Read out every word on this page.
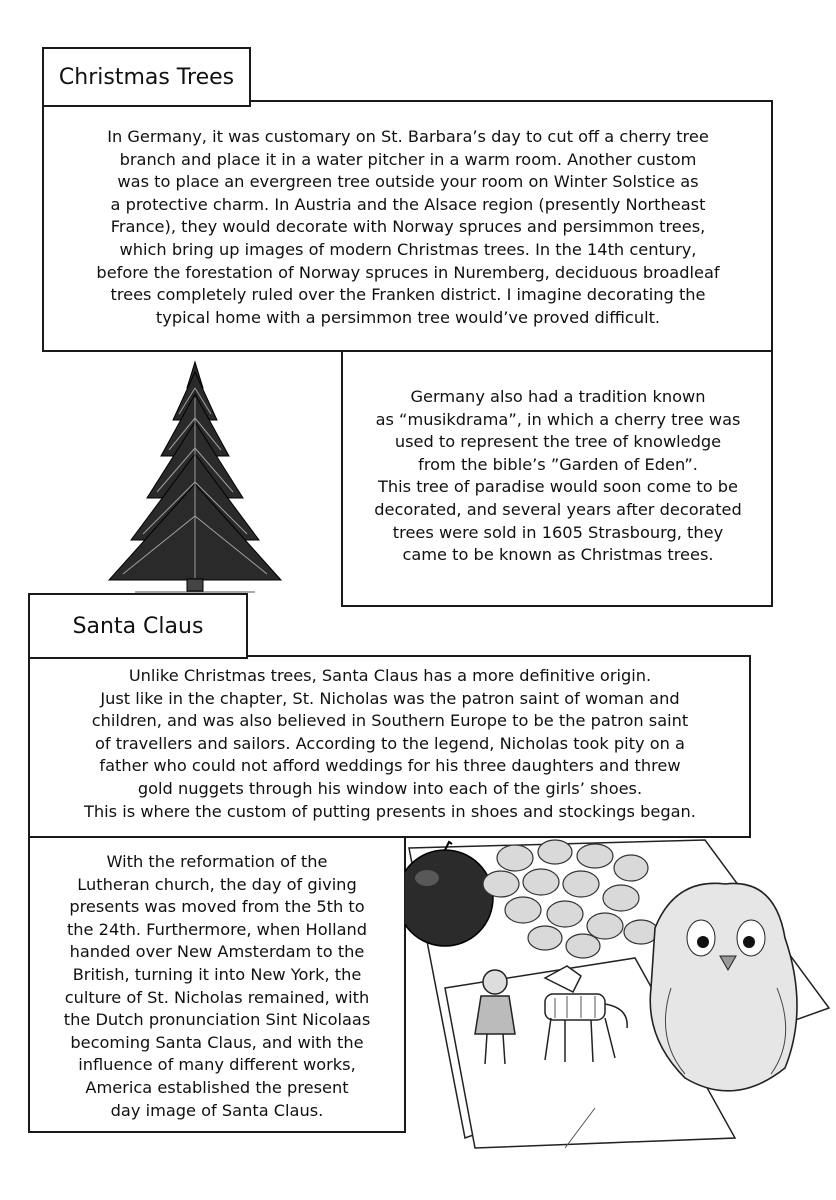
Christmas Trees

In Germany, it was customary on St. Barbara’s day to cut off a cherry tree

branch and place it in a water pitcher in a warm room. Another custom

was to place an evergreen tree outside your room on Winter Solstice as

a protective charm. In Austria and the Alsace region (presently Northeast

France), they would decorate with Norway spruces and persimmon trees,

which bring up images of modern Christmas trees. In the 14th century,

before the forestation of Norway spruces in Nuremberg, deciduous broadleaf

trees completely ruled over the Franken district. I imagine decorating the

typical home with a persimmon tree would’ve proved difficult.

Germany also had a tradition known

as “musikdrama”, in which a cherry tree was

used to represent the tree of knowledge

from the bible’s ”Garden of Eden”.

This tree of paradise would soon come to be

decorated, and several years after decorated

trees were sold in 1605 Strasbourg, they

came to be known as Christmas trees.

Santa Claus

Unlike Christmas trees, Santa Claus has a more definitive origin.

Just like in the chapter, St. Nicholas was the patron saint of woman and

children, and was also believed in Southern Europe to be the patron saint

of travellers and sailors. According to the legend, Nicholas took pity on a

father who could not afford weddings for his three daughters and threw

gold nuggets through his window into each of the girls’ shoes.

This is where the custom of putting presents in shoes and stockings began.

With the reformation of the

Lutheran church, the day of giving

presents was moved from the 5th to

the 24th. Furthermore, when Holland

handed over New Amsterdam to the

British, turning it into New York, the

culture of St. Nicholas remained, with

the Dutch pronunciation Sint Nicolaas

becoming Santa Claus, and with the

influence of many different works,

America established the present

day image of Santa Claus.
